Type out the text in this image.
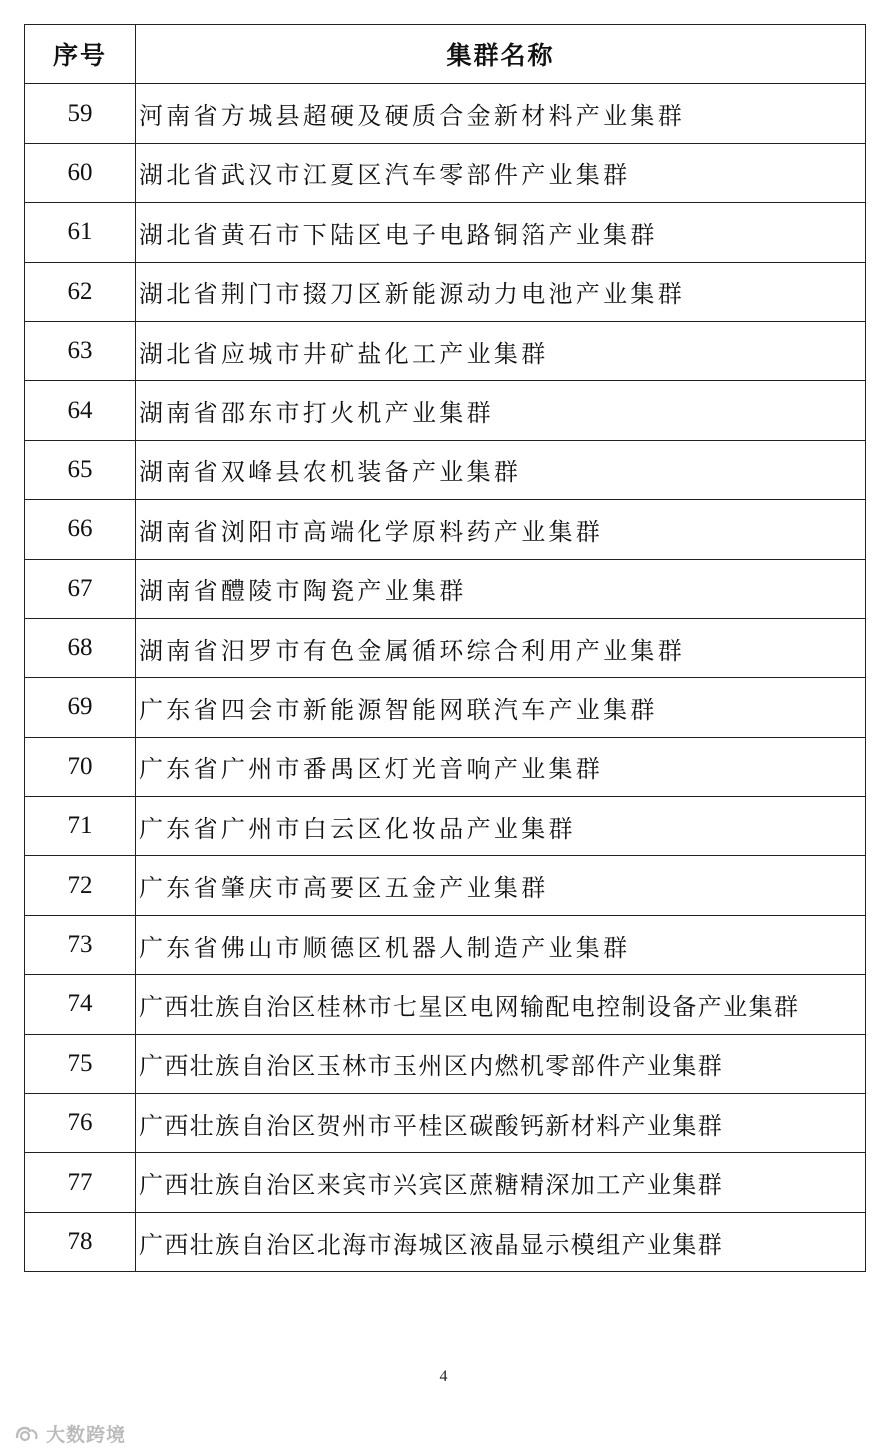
序号	集群名称
59	河南省方城县超硬及硬质合金新材料产业集群
60	湖北省武汉市江夏区汽车零部件产业集群
61	湖北省黄石市下陆区电子电路铜箔产业集群
62	湖北省荆门市掇刀区新能源动力电池产业集群
63	湖北省应城市井矿盐化工产业集群
64	湖南省邵东市打火机产业集群
65	湖南省双峰县农机装备产业集群
66	湖南省浏阳市高端化学原料药产业集群
67	湖南省醴陵市陶瓷产业集群
68	湖南省汨罗市有色金属循环综合利用产业集群
69	广东省四会市新能源智能网联汽车产业集群
70	广东省广州市番禺区灯光音响产业集群
71	广东省广州市白云区化妆品产业集群
72	广东省肇庆市高要区五金产业集群
73	广东省佛山市顺德区机器人制造产业集群
74	广西壮族自治区桂林市七星区电网输配电控制设备产业集群
75	广西壮族自治区玉林市玉州区内燃机零部件产业集群
76	广西壮族自治区贺州市平桂区碳酸钙新材料产业集群
77	广西壮族自治区来宾市兴宾区蔗糖精深加工产业集群
78	广西壮族自治区北海市海城区液晶显示模组产业集群
4
大数跨境
